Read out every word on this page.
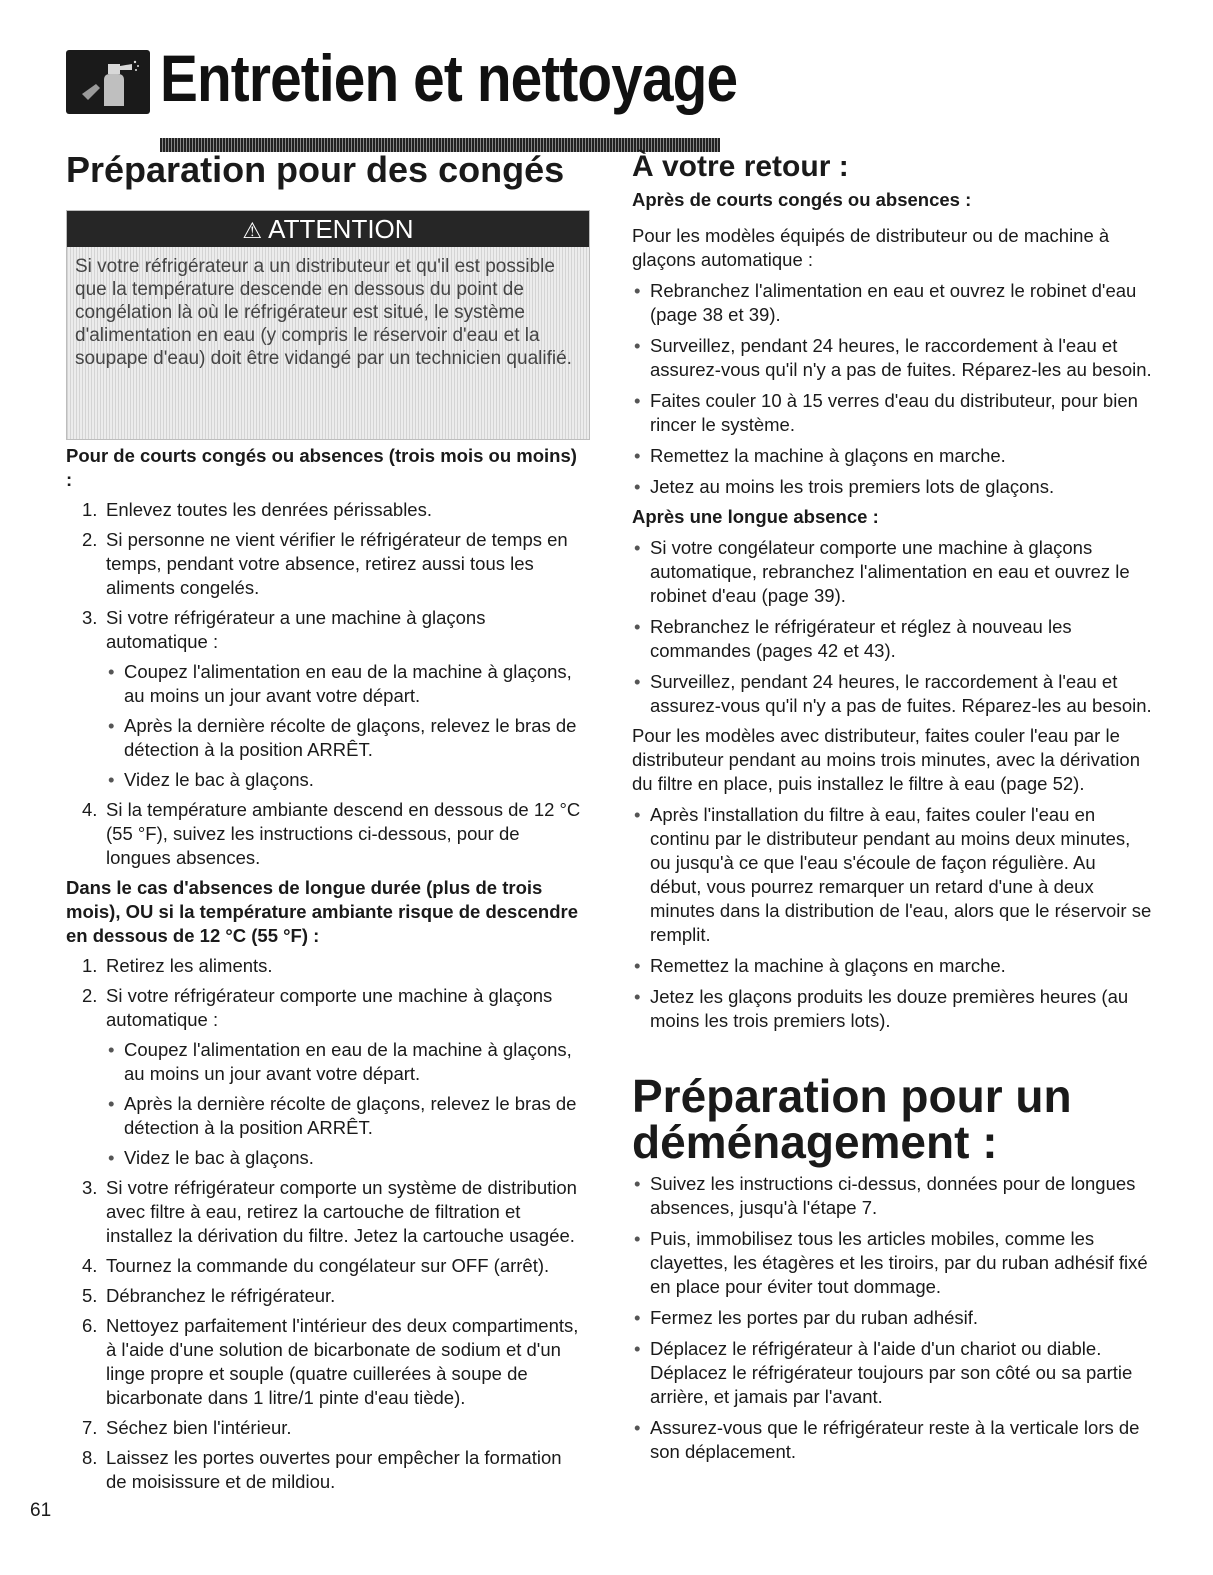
Entretien et nettoyage
Préparation pour des congés
⚠ ATTENTION
Si votre réfrigérateur a un distributeur et qu'il est possible que la température descende en dessous du point de congélation là où le réfrigérateur est situé, le système d'alimentation en eau (y compris le réservoir d'eau et la soupape d'eau) doit être vidangé par un technicien qualifié.
Pour de courts congés ou absences (trois mois ou moins) :
1. Enlevez toutes les denrées périssables.
2. Si personne ne vient vérifier le réfrigérateur de temps en temps, pendant votre absence, retirez aussi tous les aliments congelés.
3. Si votre réfrigérateur a une machine à glaçons automatique :
• Coupez l'alimentation en eau de la machine à glaçons, au moins un jour avant votre départ.
• Après la dernière récolte de glaçons, relevez le bras de détection à la position ARRÊT.
• Videz le bac à glaçons.
4. Si la température ambiante descend en dessous de 12 °C (55 °F), suivez les instructions ci-dessous, pour de longues absences.
Dans le cas d'absences de longue durée (plus de trois mois), OU si la température ambiante risque de descendre en dessous de 12 °C (55 °F) :
1. Retirez les aliments.
2. Si votre réfrigérateur comporte une machine à glaçons automatique :
• Coupez l'alimentation en eau de la machine à glaçons, au moins un jour avant votre départ.
• Après la dernière récolte de glaçons, relevez le bras de détection à la position ARRÊT.
• Videz le bac à glaçons.
3. Si votre réfrigérateur comporte un système de distribution avec filtre à eau, retirez la cartouche de filtration et installez la dérivation du filtre. Jetez la cartouche usagée.
4. Tournez la commande du congélateur sur OFF (arrêt).
5. Débranchez le réfrigérateur.
6. Nettoyez parfaitement l'intérieur des deux compartiments, à l'aide d'une solution de bicarbonate de sodium et d'un linge propre et souple (quatre cuillerées à soupe de bicarbonate dans 1 litre/1 pinte d'eau tiède).
7. Séchez bien l'intérieur.
8. Laissez les portes ouvertes pour empêcher la formation de moisissure et de mildiou.
À votre retour :
Après de courts congés ou absences :

Pour les modèles équipés de distributeur ou de machine à glaçons automatique :

• Rebranchez l'alimentation en eau et ouvrez le robinet d'eau (page 38 et 39).
• Surveillez, pendant 24 heures, le raccordement à l'eau et assurez-vous qu'il n'y a pas de fuites. Réparez-les au besoin.
• Faites couler 10 à 15 verres d'eau du distributeur, pour bien rincer le système.
• Remettez la machine à glaçons en marche.
• Jetez au moins les trois premiers lots de glaçons.
Après une longue absence :
• Si votre congélateur comporte une machine à glaçons automatique, rebranchez l'alimentation en eau et ouvrez le robinet d'eau (page 39).
• Rebranchez le réfrigérateur et réglez à nouveau les commandes (pages 42 et 43).
• Surveillez, pendant 24 heures, le raccordement à l'eau et assurez-vous qu'il n'y a pas de fuites. Réparez-les au besoin.

Pour les modèles avec distributeur, faites couler l'eau par le distributeur pendant au moins trois minutes, avec la dérivation du filtre en place, puis installez le filtre à eau (page 52).

• Après l'installation du filtre à eau, faites couler l'eau en continu par le distributeur pendant au moins deux minutes, ou jusqu'à ce que l'eau s'écoule de façon régulière. Au début, vous pourrez remarquer un retard d'une à deux minutes dans la distribution de l'eau, alors que le réservoir se remplit.
• Remettez la machine à glaçons en marche.
• Jetez les glaçons produits les douze premières heures (au moins les trois premiers lots).
Préparation pour un
déménagement :
• Suivez les instructions ci-dessus, données pour de longues absences, jusqu'à l'étape 7.
• Puis, immobilisez tous les articles mobiles, comme les clayettes, les étagères et les tiroirs, par du ruban adhésif fixé en place pour éviter tout dommage.
• Fermez les portes par du ruban adhésif.
• Déplacez le réfrigérateur à l'aide d'un chariot ou diable. Déplacez le réfrigérateur toujours par son côté ou sa partie arrière, et jamais par l'avant.
• Assurez-vous que le réfrigérateur reste à la verticale lors de son déplacement.
61
